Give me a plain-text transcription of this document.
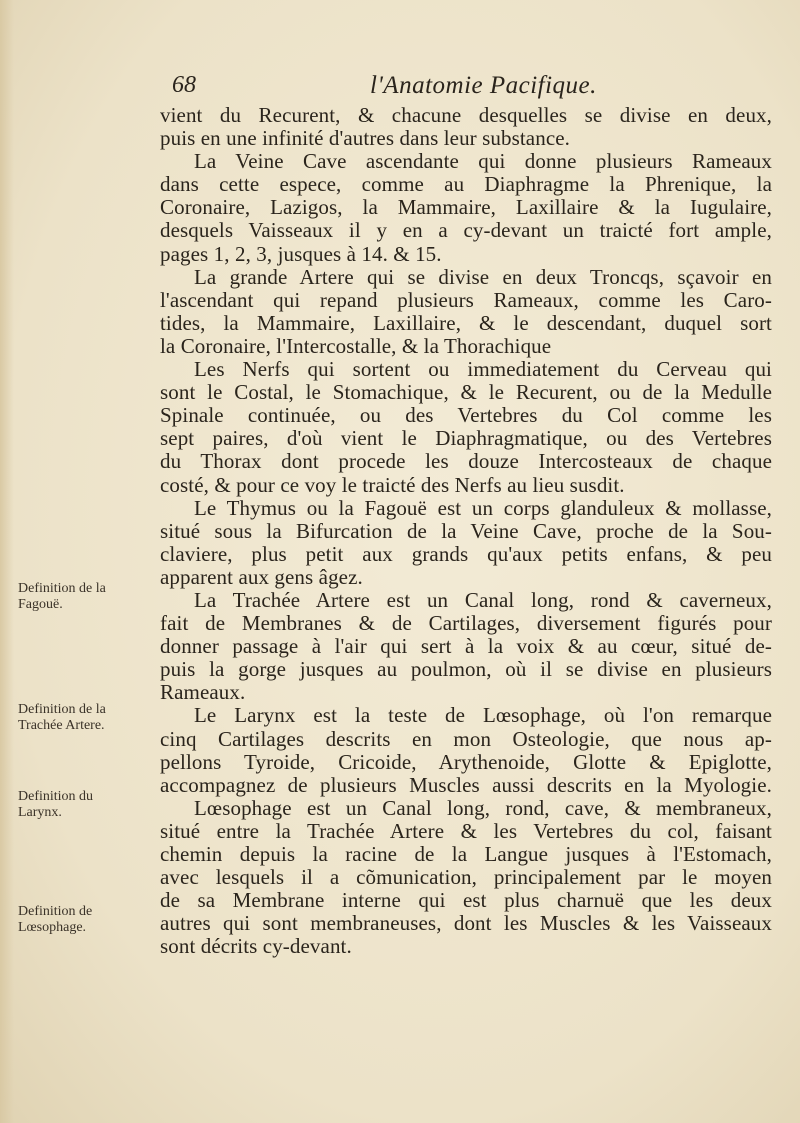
68	l'Anatomie Pacifique.
Definition de la
Fagouë.
Definition de la
Trachée Artere.
Definition du
Larynx.
Definition de
Lœsophage.
vient du Recurent, & chacune desquelles se divise en deux,
puis en une infinité d'autres dans leur substance.
La Veine Cave ascendante qui donne plusieurs Rameaux
dans cette espece, comme au Diaphragme la Phrenique, la
Coronaire, Lazigos, la Mammaire, Laxillaire & la Iugulaire,
desquels Vaisseaux il y en a cy-devant un traicté fort ample,
pages 1, 2, 3, jusques à 14. & 15.
La grande Artere qui se divise en deux Troncqs, sçavoir en
l'ascendant qui repand plusieurs Rameaux, comme les Caro-
tides, la Mammaire, Laxillaire, & le descendant, duquel sort
la Coronaire, l'Intercostalle, & la Thorachique
Les Nerfs qui sortent ou immediatement du Cerveau qui
sont le Costal, le Stomachique, & le Recurent, ou de la Medulle
Spinale continuée, ou des Vertebres du Col comme les
sept paires, d'où vient le Diaphragmatique, ou des Vertebres
du Thorax dont procede les douze Intercosteaux de chaque
costé, & pour ce voy le traicté des Nerfs au lieu susdit.
Le Thymus ou la Fagouë est un corps glanduleux & mollasse,
situé sous la Bifurcation de la Veine Cave, proche de la Sou-
claviere, plus petit aux grands qu'aux petits enfans, & peu
apparent aux gens âgez.
La Trachée Artere est un Canal long, rond & caverneux,
fait de Membranes & de Cartilages, diversement figurés pour
donner passage à l'air qui sert à la voix & au cœur, situé de-
puis la gorge jusques au poulmon, où il se divise en plusieurs
Rameaux.
Le Larynx est la teste de Lœsophage, où l'on remarque
cinq Cartilages descrits en mon Osteologie, que nous ap-
pellons Tyroide, Cricoide, Arythenoide, Glotte & Epiglotte,
accompagnez de plusieurs Muscles aussi descrits en la Myologie.
Lœsophage est un Canal long, rond, cave, & membraneux,
situé entre la Trachée Artere & les Vertebres du col, faisant
chemin depuis la racine de la Langue jusques à l'Estomach,
avec lesquels il a cõmunication, principalement par le moyen
de sa Membrane interne qui est plus charnuë que les deux
autres qui sont membraneuses, dont les Muscles & les Vaisseaux
sont décrits cy-devant.
